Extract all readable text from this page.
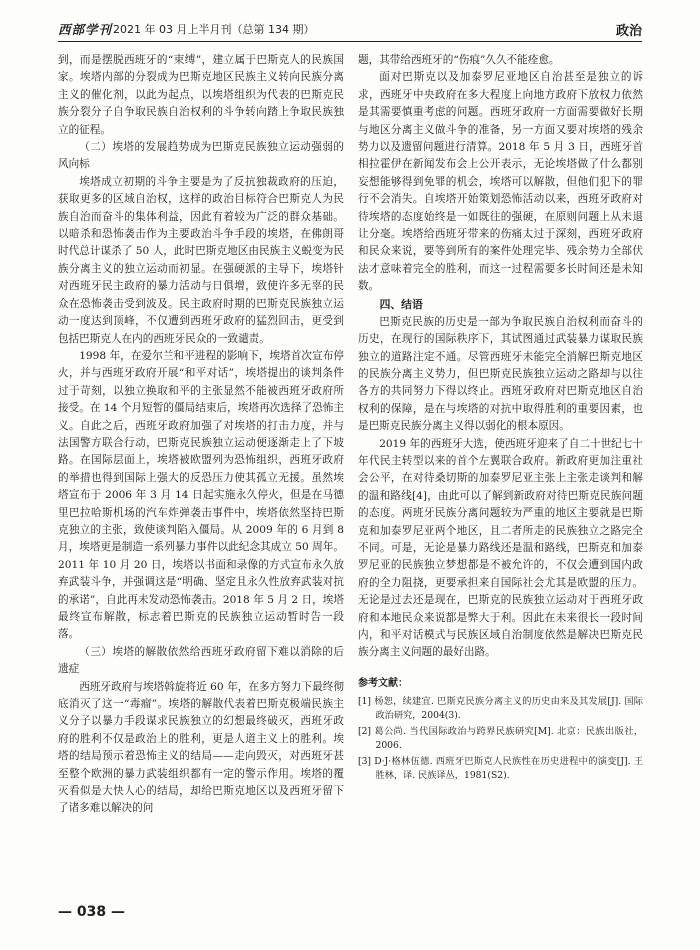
西部学刊 2021 年 03 月上半月刊（总第 134 期）	政治

到，而是摆脱西班牙的“束缚”，建立属于巴斯克人的民族国家。埃塔内部的分裂成为巴斯克地区民族主义转向民族分离主义的催化剂，以此为起点，以埃塔组织为代表的巴斯克民族分裂分子自争取民族自治权利的斗争转向踏上争取民族独立的征程。

（二）埃塔的发展趋势成为巴斯克民族独立运动强弱的风向标

埃塔成立初期的斗争主要是为了反抗独裁政府的压迫，获取更多的区域自治权，这样的政治目标符合巴斯克人为民族自治而奋斗的集体利益，因此有着较为广泛的群众基础。以暗杀和恐怖袭击作为主要政治斗争手段的埃塔，在佛朗哥时代总计谋杀了 50 人，此时巴斯克地区由民族主义蜕变为民族分离主义的独立运动而初显。在强硬派的主导下，埃塔针对西班牙民主政府的暴力活动与日俱增，致使许多无辜的民众在恐怖袭击受到波及。民主政府时期的巴斯克民族独立运动一度达到顶峰，不仅遭到西班牙政府的猛烈回击，更受到包括巴斯克人在内的西班牙民众的一致谴责。

1998 年，在爱尔兰和平进程的影响下，埃塔首次宣布停火，并与西班牙政府开展“和平对话”，埃塔提出的谈判条件过于苛刻，以独立换取和平的主张显然不能被西班牙政府所接受。在 14 个月短暂的僵局结束后，埃塔再次选择了恐怖主义。自此之后，西班牙政府加强了对埃塔的打击力度，并与法国警方联合行动，巴斯克民族独立运动便逐渐走上了下坡路。在国际层面上，埃塔被欧盟列为恐怖组织，西班牙政府的举措也得到国际上强大的反恐压力使其孤立无援。虽然埃塔宣布于 2006 年 3 月 14 日起实施永久停火，但是在马德里巴拉哈斯机场的汽车炸弹袭击事件中，埃塔依然坚持巴斯克独立的主张，致使谈判陷入僵局。从 2009 年的 6 月到 8 月，埃塔更是制造一系列暴力事件以此纪念其成立 50 周年。2011 年 10 月 20 日，埃塔以书面和录像的方式宣布永久放弃武装斗争，并强调这是“明确、坚定且永久性放弃武装对抗的承诺”，自此再未发动恐怖袭击。2018 年 5 月 2 日，埃塔最终宣布解散，标志着巴斯克的民族独立运动暂时告一段落。

（三）埃塔的解散依然给西班牙政府留下难以消除的后遗症

西班牙政府与埃塔斡旋将近 60 年，在多方努力下最终彻底消灭了这一“毒瘤”。埃塔的解散代表着巴斯克极端民族主义分子以暴力手段谋求民族独立的幻想最终破灭，西班牙政府的胜利不仅是政治上的胜利，更是人道主义上的胜利。埃塔的结局预示着恐怖主义的结局——走向毁灭，对西班牙甚至整个欧洲的暴力武装组织都有一定的警示作用。埃塔的覆灭看似是大快人心的结局，却给巴斯克地区以及西班牙留下了诸多难以解决的问

题，其带给西班牙的“伤痕”久久不能痊愈。

面对巴斯克以及加泰罗尼亚地区自治甚至是独立的诉求，西班牙中央政府在多大程度上向地方政府下放权力依然是其需要慎重考虑的问题。西班牙政府一方面需要做好长期与地区分离主义做斗争的准备，另一方面又要对埃塔的残余势力以及遗留问题进行清算。2018 年 5 月 3 日，西班牙首相拉霍伊在新闻发布会上公开表示，无论埃塔做了什么都别妄想能够得到免罪的机会，埃塔可以解散，但他们犯下的罪行不会消失。自埃塔开始策划恐怖活动以来，西班牙政府对待埃塔的态度始终是一如既往的强硬，在原则问题上从未退让分毫。埃塔给西班牙带来的伤痛太过于深刻，西班牙政府和民众来说，要等到所有的案件处理完毕、残余势力全部伏法才意味着完全的胜利，而这一过程需要多长时间还是未知数。

四、结语

巴斯克民族的历史是一部为争取民族自治权利而奋斗的历史，在现行的国际秩序下，其试图通过武装暴力谋取民族独立的道路注定不通。尽管西班牙未能完全消解巴斯克地区的民族分离主义势力，但巴斯克民族独立运动之路却与以往各方的共同努力下得以终止。西班牙政府对巴斯克地区自治权利的保障，是在与埃塔的对抗中取得胜利的重要因素，也是巴斯克民族分离主义得以弱化的根本原因。

2019 年的西班牙大选，使西班牙迎来了自二十世纪七十年代民主转型以来的首个左翼联合政府。新政府更加注重社会公平，在对待桑切斯的加泰罗尼亚主张上主张走谈判和解的温和路线[4]，由此可以了解到新政府对待巴斯克民族问题的态度。两班牙民族分离问题较为严重的地区主要就是巴斯克和加泰罗尼亚两个地区，且二者所走的民族独立之路完全不同。可是，无论是暴力路线还是温和路线，巴斯克和加泰罗尼亚的民族独立梦想都是不被允许的，不仅会遭到国内政府的全力阻挠，更要承担来自国际社会尤其是欧盟的压力。无论是过去还是现在，巴斯克的民族独立运动对于西班牙政府和本地民众来说都是弊大于利。因此在未来很长一段时间内，和平对话模式与民族区域自治制度依然是解决巴斯克民族分离主义问题的最好出路。

参考文献：
[1] 杨恕，续建宜. 巴斯克民族分离主义的历史由来及其发展[J]. 国际政治研究，2004(3).
[2] 葛公尚. 当代国际政治与跨界民族研究[M]. 北京：民族出版社，2006.
[3] D·J·格林伍德. 西班牙巴斯克人民族性在历史进程中的演变[J]. 王胜林，译. 民族译丛，1981(S2).
— 038 —
